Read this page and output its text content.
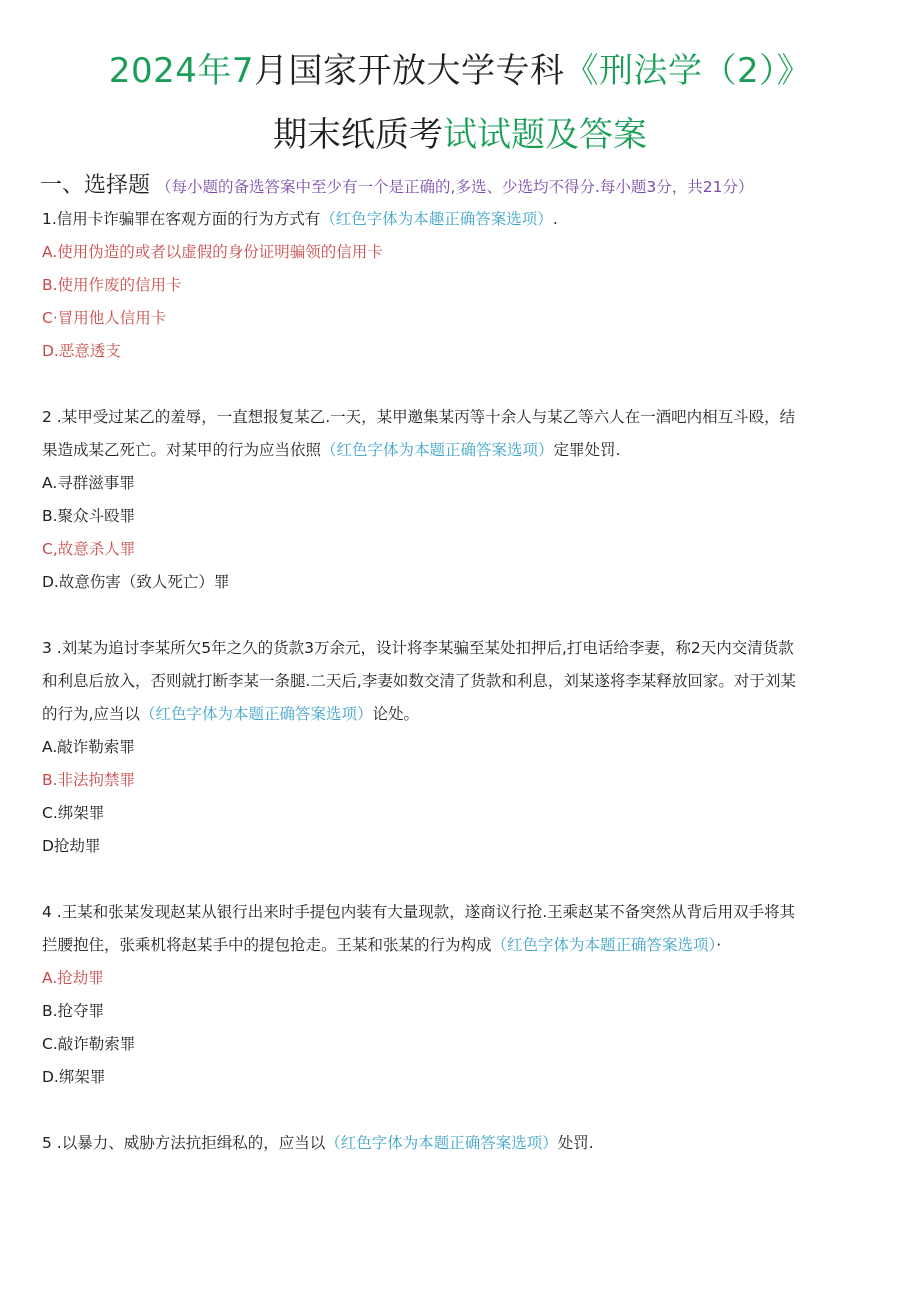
2024年7月国家开放大学专科《刑法学（2）》
期末纸质考试试题及答案
一、选择题 （每小题的备选答案中至少有一个是正确的,多选、少选均不得分.每小题3分，共21分）
1.信用卡诈骗罪在客观方面的行为方式有（红色字体为本趣正确答案选项）.
A.使用伪造的或者以虚假的身份证明骗领的信用卡
B.使用作废的信用卡
C·冒用他人信用卡
D.恶意透支
2 .某甲受过某乙的羞辱，一直想报复某乙.一天，某甲邀集某丙等十余人与某乙等六人在一酒吧内相互斗殴，结
果造成某乙死亡。对某甲的行为应当依照（红色字体为本题正确答案选项）定罪处罚.
A.寻群滋事罪
B.聚众斗殴罪
C,故意杀人罪
D.故意伤害（致人死亡）罪
3 .刘某为追讨李某所欠5年之久的货款3万余元，设计将李某骗至某处扣押后,打电话给李妻，称2天内交清货款
和利息后放入，否则就打断李某一条腿.二天后,李妻如数交清了货款和利息，刘某遂将李某释放回家。对于刘某
的行为,应当以（红色字体为本题正确答案选项）论处。
A.敲诈勒索罪
B.非法拘禁罪
C.绑架罪
D抢劫罪
4 .王某和张某发现赵某从银行出来时手提包内装有大量现款，遂商议行抢.王乘赵某不备突然从背后用双手将其
拦腰抱住，张乘机将赵某手中的提包抢走。王某和张某的行为构成（红色字体为本题正确答案选项）·
A.抢劫罪
B.抢夺罪
C.敲诈勒索罪
D.绑架罪
5 .以暴力、威胁方法抗拒缉私的，应当以（红色字体为本题正确答案选项）处罚.
